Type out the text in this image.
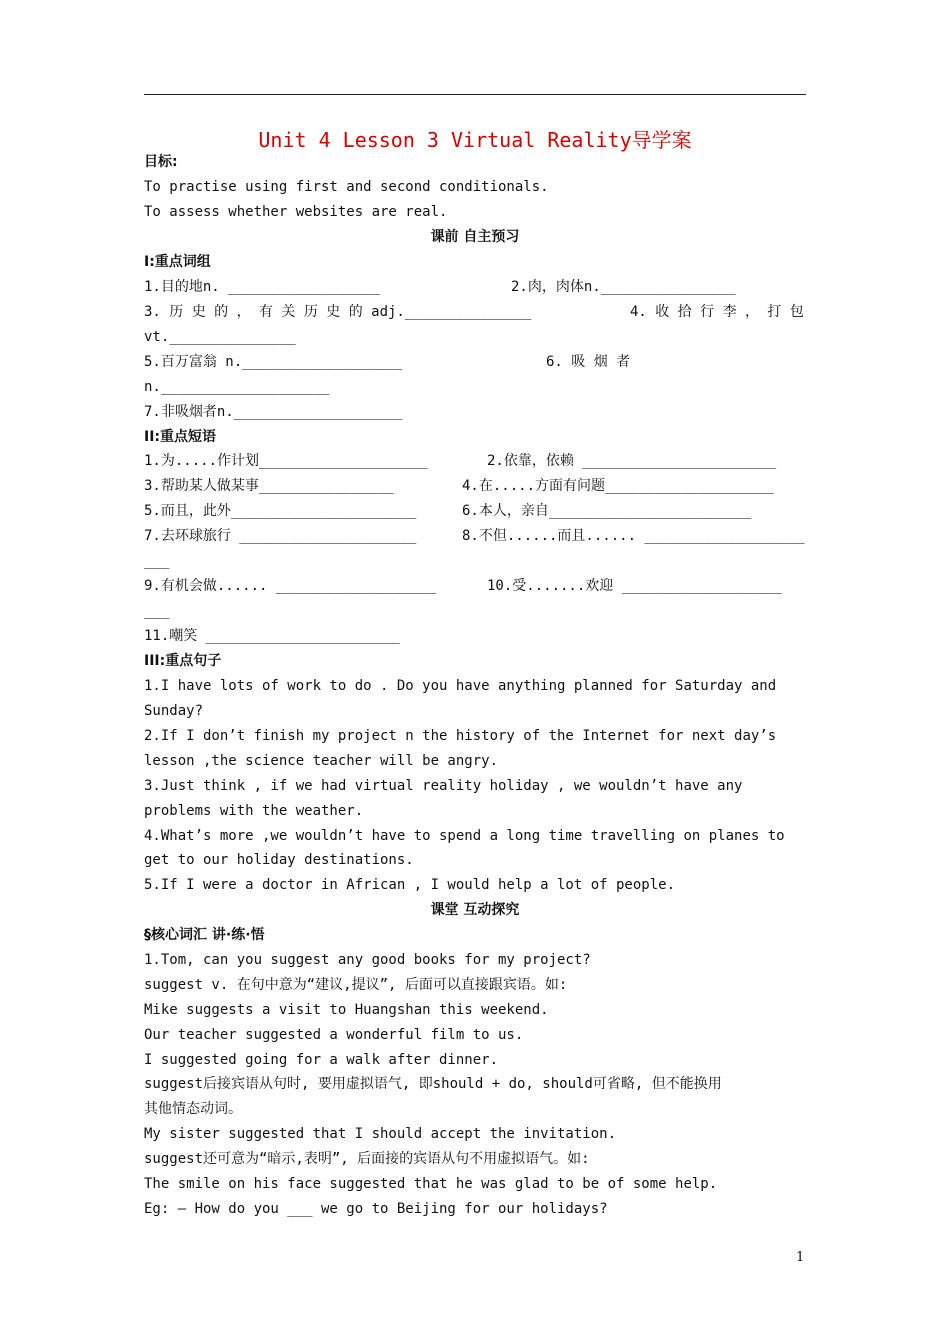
Unit 4 Lesson 3 Virtual Reality导学案
目标:
To practise using first and second conditionals.
To assess whether websites are real.
课前 自主预习
I:重点词组
1.目的地n. __________________	2.肉，肉体n.________________
3. 历 史 的 ， 有 关 历 史 的 adj._______________	4. 收 拾 行 李 ， 打 包
vt._______________
5.百万富翁 n.___________________	6. 吸 烟 者
n.____________________
7.非吸烟者n.____________________
II:重点短语
1.为.....作计划____________________	2.依靠，依赖 _______________________
3.帮助某人做某事________________	4.在.....方面有问题____________________
5.而且，此外______________________	6.本人，亲自________________________
7.去环球旅行 _____________________	8.不但......而且...... ___________________
___
9.有机会做...... ___________________	10.受.......欢迎 ___________________
___
11.嘲笑 _______________________
III:重点句子
1.I have lots of work to do . Do you have anything planned for Saturday and
Sunday?
2.If I don’t finish my project n the history of the Internet for next day’s
lesson ,the science teacher will be angry.
3.Just think , if we had virtual reality holiday , we wouldn’t have any
problems with the weather.
4.What’s more ,we wouldn’t have to spend a long time travelling on planes to
get to our holiday destinations.
5.If I were a doctor in African , I would help a lot of people.
课堂 互动探究
§核心词汇 讲·练·悟
1.Tom, can you suggest any good books for my project?
suggest v. 在句中意为“建议,提议”, 后面可以直接跟宾语。如:
Mike suggests a visit to Huangshan this weekend.
Our teacher suggested a wonderful film to us.
I suggested going for a walk after dinner.
suggest后接宾语从句时, 要用虚拟语气, 即should + do, should可省略, 但不能换用
其他情态动词。
My sister suggested that I should accept the invitation.
suggest还可意为“暗示,表明”, 后面接的宾语从句不用虚拟语气。如:
The smile on his face suggested that he was glad to be of some help.
Eg: — How do you ___ we go to Beijing for our holidays?
1
